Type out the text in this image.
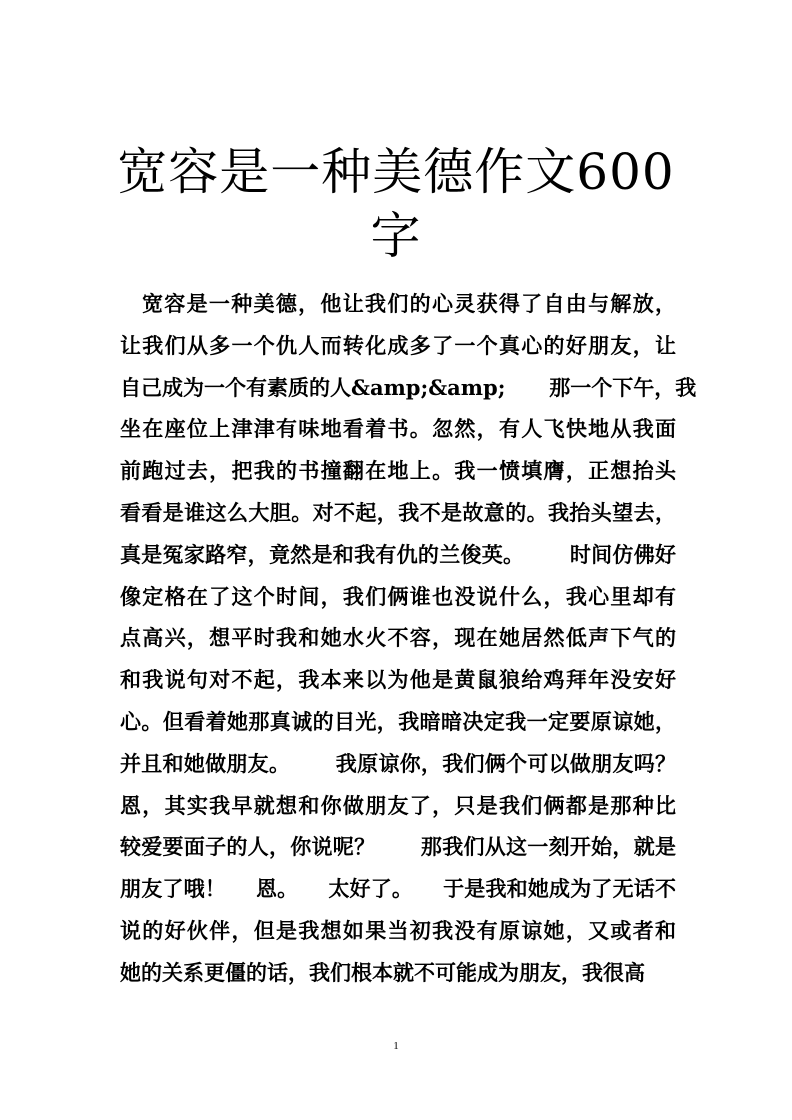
宽容是一种美德作文600
字
宽容是一种美德，他让我们的心灵获得了自由与解放，
让我们从多一个仇人而转化成多了一个真心的好朋友，让
自己成为一个有素质的人&amp;&amp;      那一个下午，我
坐在座位上津津有味地看着书。忽然，有人飞快地从我面
前跑过去，把我的书撞翻在地上。我一愤填膺，正想抬头
看看是谁这么大胆。对不起，我不是故意的。我抬头望去，
真是冤家路窄，竟然是和我有仇的兰俊英。      时间仿佛好
像定格在了这个时间，我们俩谁也没说什么，我心里却有
点高兴，想平时我和她水火不容，现在她居然低声下气的
和我说句对不起，我本来以为他是黄鼠狼给鸡拜年没安好
心。但看着她那真诚的目光，我暗暗决定我一定要原谅她，
并且和她做朋友。      我原谅你，我们俩个可以做朋友吗？
恩，其实我早就想和你做朋友了，只是我们俩都是那种比
较爱要面子的人，你说呢？      那我们从这一刻开始，就是
朋友了哦！    恩。    太好了。    于是我和她成为了无话不
说的好伙伴，但是我想如果当初我没有原谅她，又或者和
她的关系更僵的话，我们根本就不可能成为朋友，我很高
1
